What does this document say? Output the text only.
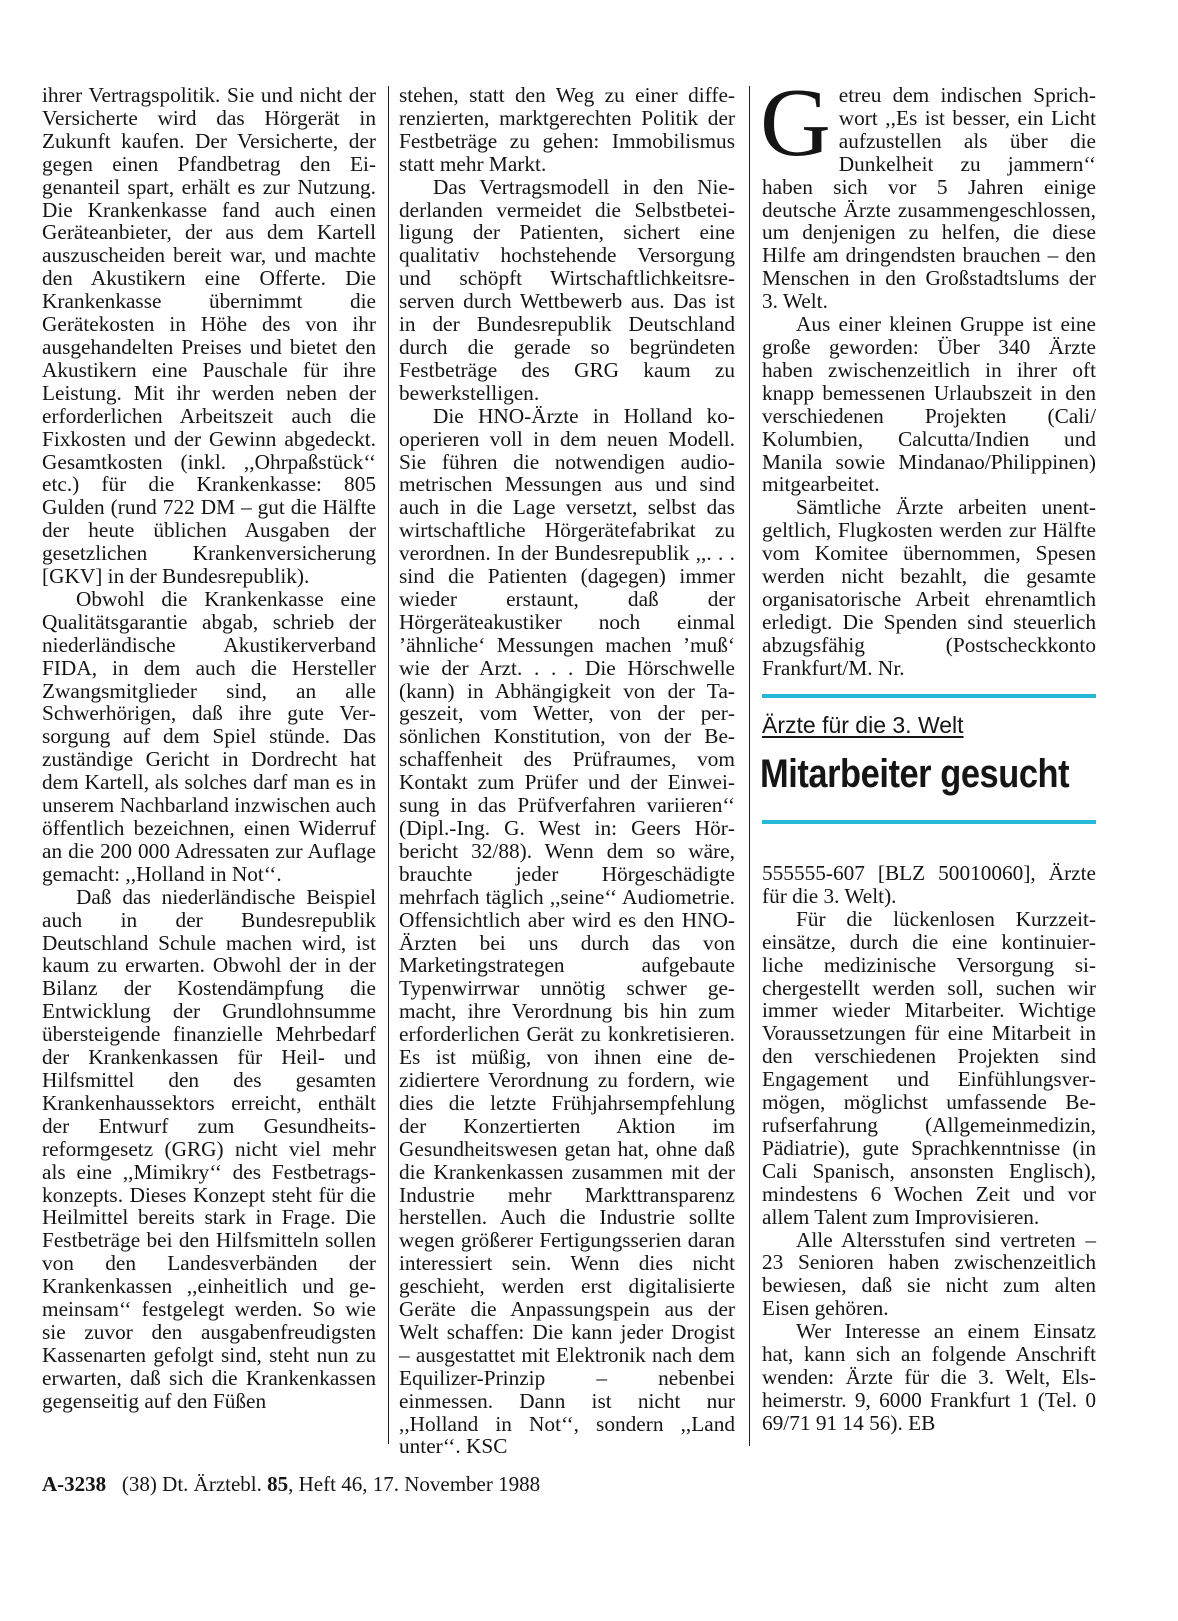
ihrer Vertragspolitik. Sie und nicht der Versicherte wird das Hörgerät in Zukunft kaufen. Der Versicherte, der gegen einen Pfandbetrag den Eigenanteil spart, erhält es zur Nutzung. Die Krankenkasse fand auch einen Geräteanbieter, der aus dem Kartell auszuscheiden bereit war, und machte den Akustikern eine Offerte. Die Krankenkasse übernimmt die Gerätekosten in Höhe des von ihr ausgehandelten Preises und bietet den Akustikern eine Pauschale für ihre Leistung. Mit ihr werden neben der erforderlichen Arbeitszeit auch die Fixkosten und der Gewinn abgedeckt. Gesamtkosten (inkl. ,,Ohrpaßstück‘‘ etc.) für die Krankenkasse: 805 Gulden (rund 722 DM – gut die Hälfte der heute üblichen Ausgaben der gesetzlichen Krankenversicherung [GKV] in der Bundesrepublik).

Obwohl die Krankenkasse eine Qualitätsgarantie abgab, schrieb der niederländische Akustikerverband FIDA, in dem auch die Hersteller Zwangsmitglieder sind, an alle Schwerhörigen, daß ihre gute Versorgung auf dem Spiel stünde. Das zuständige Gericht in Dordrecht hat dem Kartell, als solches darf man es in unserem Nachbarland inzwischen auch öffentlich bezeichnen, einen Widerruf an die 200 000 Adressaten zur Auflage gemacht: ,,Holland in Not‘‘.

Daß das niederländische Beispiel auch in der Bundesrepublik Deutschland Schule machen wird, ist kaum zu erwarten. Obwohl der in der Bilanz der Kostendämpfung die Entwicklung der Grundlohnsumme übersteigende finanzielle Mehrbedarf der Krankenkassen für Heil- und Hilfsmittel den des gesamten Krankenhaussektors erreicht, enthält der Entwurf zum Gesundheitsreformgesetz (GRG) nicht viel mehr als eine ,,Mimikry‘‘ des Festbetragskonzepts. Dieses Konzept steht für die Heilmittel bereits stark in Frage. Die Festbeträge bei den Hilfsmitteln sollen von den Landesverbänden der Krankenkassen ,,einheitlich und gemeinsam‘‘ festgelegt werden. So wie sie zuvor den ausgabenfreudigsten Kassenarten gefolgt sind, steht nun zu erwarten, daß sich die Krankenkassen gegenseitig auf den Füßen

stehen, statt den Weg zu einer differenzierten, marktgerechten Politik der Festbeträge zu gehen: Immobilismus statt mehr Markt.

Das Vertragsmodell in den Niederlanden vermeidet die Selbstbeteiligung der Patienten, sichert eine qualitativ hochstehende Versorgung und schöpft Wirtschaftlichkeitsreserven durch Wettbewerb aus. Das ist in der Bundesrepublik Deutschland durch die gerade so begründeten Festbeträge des GRG kaum zu bewerkstelligen.

Die HNO-Ärzte in Holland kooperieren voll in dem neuen Modell. Sie führen die notwendigen audiometrischen Messungen aus und sind auch in die Lage versetzt, selbst das wirtschaftliche Hörgerätefabrikat zu verordnen. In der Bundesrepublik ,,. . . sind die Patienten (dagegen) immer wieder erstaunt, daß der Hörgeräteakustiker noch einmal ’ähnliche‘ Messungen machen ’muß‘ wie der Arzt. . . . Die Hörschwelle (kann) in Abhängigkeit von der Tageszeit, vom Wetter, von der persönlichen Konstitution, von der Beschaffenheit des Prüfraumes, vom Kontakt zum Prüfer und der Einweisung in das Prüfverfahren variieren‘‘ (Dipl.-Ing. G. West in: Geers Hörbericht 32/88). Wenn dem so wäre, brauchte jeder Hörgeschädigte mehrfach täglich ,,seine‘‘ Audiometrie. Offensichtlich aber wird es den HNO-Ärzten bei uns durch das von Marketingstrategen aufgebaute Typenwirrwar unnötig schwer gemacht, ihre Verordnung bis hin zum erforderlichen Gerät zu konkretisieren. Es ist müßig, von ihnen eine dezidiertere Verordnung zu fordern, wie dies die letzte Frühjahrsempfehlung der Konzertierten Aktion im Gesundheitswesen getan hat, ohne daß die Krankenkassen zusammen mit der Industrie mehr Markttransparenz herstellen. Auch die Industrie sollte wegen größerer Fertigungsserien daran interessiert sein. Wenn dies nicht geschieht, werden erst digitalisierte Geräte die Anpassungspein aus der Welt schaffen: Die kann jeder Drogist – ausgestattet mit Elektronik nach dem Equilizer-Prinzip – nebenbei einmessen. Dann ist nicht nur ,,Holland in Not‘‘, sondern ,,Land unter‘‘. KSC

Getreu dem indischen Sprichwort ,,Es ist besser, ein Licht aufzustellen als über die Dunkelheit zu jammern‘‘ haben sich vor 5 Jahren einige deutsche Ärzte zusammengeschlossen, um denjenigen zu helfen, die diese Hilfe am dringendsten brauchen – den Menschen in den Großstadtslums der 3. Welt.

Aus einer kleinen Gruppe ist eine große geworden: Über 340 Ärzte haben zwischenzeitlich in ihrer oft knapp bemessenen Urlaubszeit in den verschiedenen Projekten (Cali/ Kolumbien, Calcutta/Indien und Manila sowie Mindanao/Philippinen) mitgearbeitet.

Sämtliche Ärzte arbeiten unentgeltlich, Flugkosten werden zur Hälfte vom Komitee übernommen, Spesen werden nicht bezahlt, die gesamte organisatorische Arbeit ehrenamtlich erledigt. Die Spenden sind steuerlich abzugsfähig (Postscheckkonto Frankfurt/M. Nr.

Ärzte für die 3. Welt
Mitarbeiter gesucht

555555-607 [BLZ 50010060], Ärzte für die 3. Welt).

Für die lückenlosen Kurzzeiteinsätze, durch die eine kontinuierliche medizinische Versorgung sichergestellt werden soll, suchen wir immer wieder Mitarbeiter. Wichtige Voraussetzungen für eine Mitarbeit in den verschiedenen Projekten sind Engagement und Einfühlungsvermögen, möglichst umfassende Berufserfahrung (Allgemeinmedizin, Pädiatrie), gute Sprachkenntnisse (in Cali Spanisch, ansonsten Englisch), mindestens 6 Wochen Zeit und vor allem Talent zum Improvisieren.

Alle Altersstufen sind vertreten – 23 Senioren haben zwischenzeitlich bewiesen, daß sie nicht zum alten Eisen gehören.

Wer Interesse an einem Einsatz hat, kann sich an folgende Anschrift wenden: Ärzte für die 3. Welt, Elsheimerstr. 9, 6000 Frankfurt 1 (Tel. 0 69/71 91 14 56). EB

A-3238 (38) Dt. Ärztebl. 85, Heft 46, 17. November 1988
